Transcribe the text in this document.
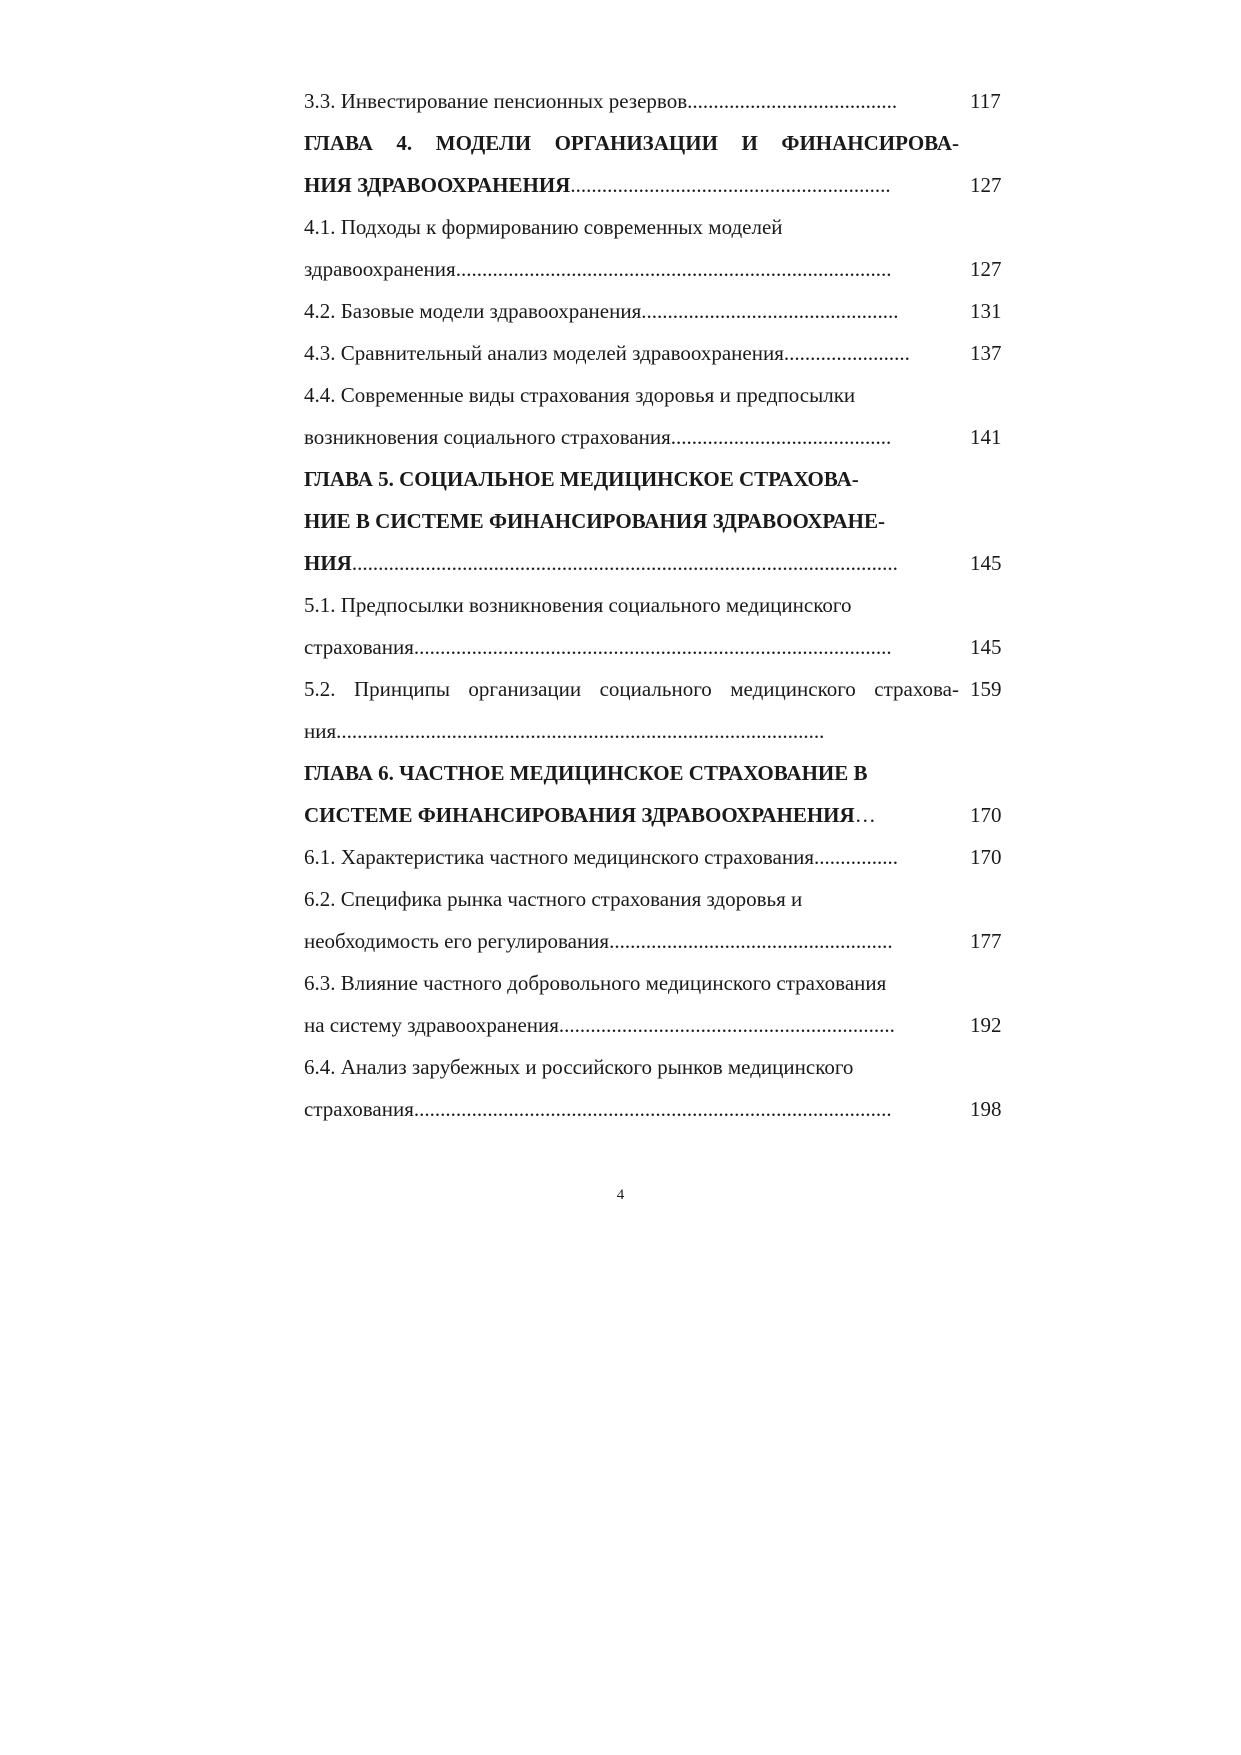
3.3. Инвестирование пенсионных резервов........................................	117
ГЛАВА 4. МОДЕЛИ ОРГАНИЗАЦИИ И ФИНАНСИРОВА-
НИЯ ЗДРАВООХРАНЕНИЯ.............................................................	127
4.1. Подходы к формированию современных моделей
здравоохранения...................................................................................	127
4.2. Базовые модели здравоохранения.................................................	131
4.3. Сравнительный анализ моделей здравоохранения........................	137
4.4. Современные виды страхования здоровья и предпосылки
возникновения социального страхования..........................................	141
ГЛАВА 5. СОЦИАЛЬНОЕ МЕДИЦИНСКОЕ СТРАХОВА-
НИЕ В СИСТЕМЕ ФИНАНСИРОВАНИЯ ЗДРАВООХРАНЕ-
НИЯ........................................................................................................	145
5.1. Предпосылки возникновения социального медицинского
страхования...........................................................................................	145
5.2. Принципы организации социального медицинского страхова- 159
ния.............................................................................................
ГЛАВА 6. ЧАСТНОЕ МЕДИЦИНСКОЕ СТРАХОВАНИЕ В
СИСТЕМЕ ФИНАНСИРОВАНИЯ ЗДРАВООХРАНЕНИЯ…	170
6.1. Характеристика частного медицинского страхования................	170
6.2. Специфика рынка частного страхования здоровья и
необходимость его регулирования......................................................	177
6.3. Влияние частного добровольного медицинского страхования
на систему здравоохранения................................................................	192
6.4. Анализ зарубежных и российского рынков медицинского
страхования...........................................................................................	198
4
